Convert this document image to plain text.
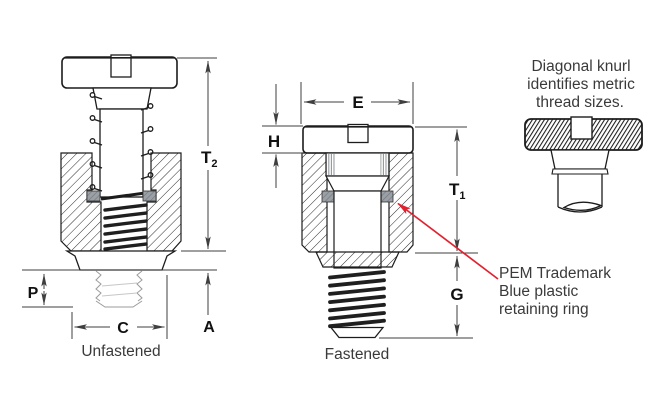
$T_2$
A
P
C
Unfastened
E
H
$T_1$
G
Fastened
Diagonal knurl
identifies metric
thread sizes.
PEM Trademark
Blue plastic
retaining ring
